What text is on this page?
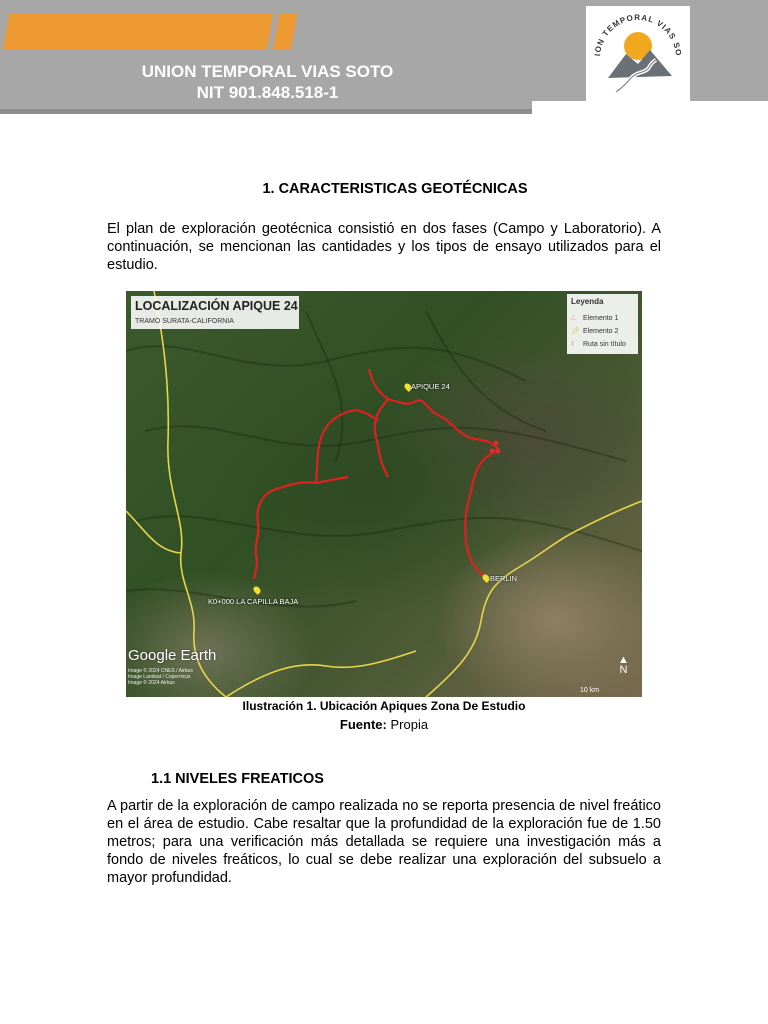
UNION TEMPORAL VIAS SOTO
NIT 901.848.518-1
ION TEMPORAL VIAS SO
1. CARACTERISTICAS GEOTÉCNICAS
El plan de exploración geotécnica consistió en dos fases (Campo y Laboratorio). A continuación, se mencionan las cantidades y los tipos de ensayo utilizados para el estudio.
LOCALIZACIÓN APIQUE 24
TRAMO SURATA-CALIFORNIA
Leyenda
∴ Elemento 1
📌︎ Elemento 2
⌇ Ruta sin título
APIQUE 24
BERLIN
K0+000 LA CAPILLA BAJA
Google Earth
Image © 2024 CNES / Airbus
Image Landsat / Copernicus
Image © 2024 Airbus
▲
N
10 km
Ilustración 1. Ubicación Apiques Zona De Estudio
Fuente: Propia
1.1 NIVELES FREATICOS
A partir de la exploración de campo realizada no se reporta presencia de nivel freático en el área de estudio. Cabe resaltar que la profundidad de la exploración fue de 1.50 metros; para una verificación más detallada se requiere una investigación más a fondo de niveles freáticos, lo cual se debe realizar una exploración del subsuelo a mayor profundidad.
